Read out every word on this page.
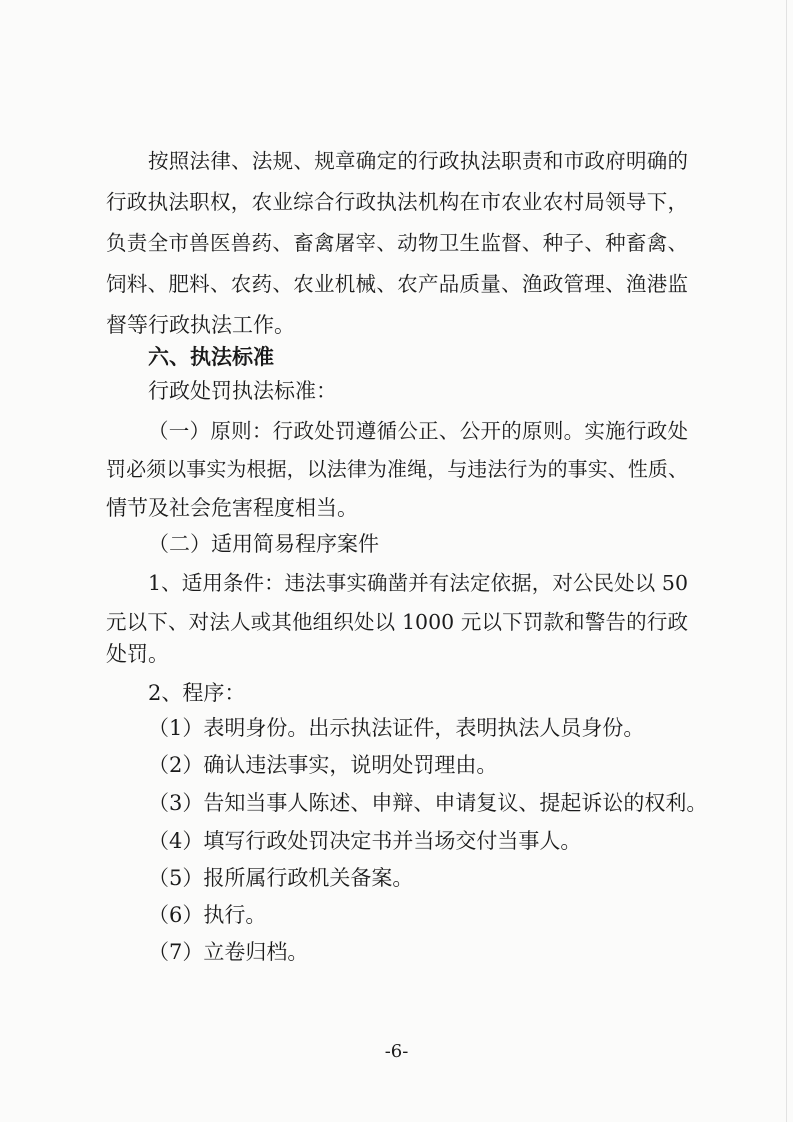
按照法律、法规、规章确定的行政执法职责和市政府明确的
行政执法职权，农业综合行政执法机构在市农业农村局领导下，
负责全市兽医兽药、畜禽屠宰、动物卫生监督、种子、种畜禽、
饲料、肥料、农药、农业机械、农产品质量、渔政管理、渔港监
督等行政执法工作。
六、执法标准
行政处罚执法标准：
（一）原则：行政处罚遵循公正、公开的原则。实施行政处
罚必须以事实为根据，以法律为准绳，与违法行为的事实、性质、
情节及社会危害程度相当。
（二）适用简易程序案件
1、适用条件：违法事实确凿并有法定依据，对公民处以 50
元以下、对法人或其他组织处以 1000 元以下罚款和警告的行政
处罚。
2、程序：
（1）表明身份。出示执法证件，表明执法人员身份。
（2）确认违法事实，说明处罚理由。
（3）告知当事人陈述、申辩、申请复议、提起诉讼的权利。
（4）填写行政处罚决定书并当场交付当事人。
（5）报所属行政机关备案。
（6）执行。
（7）立卷归档。
-6-
